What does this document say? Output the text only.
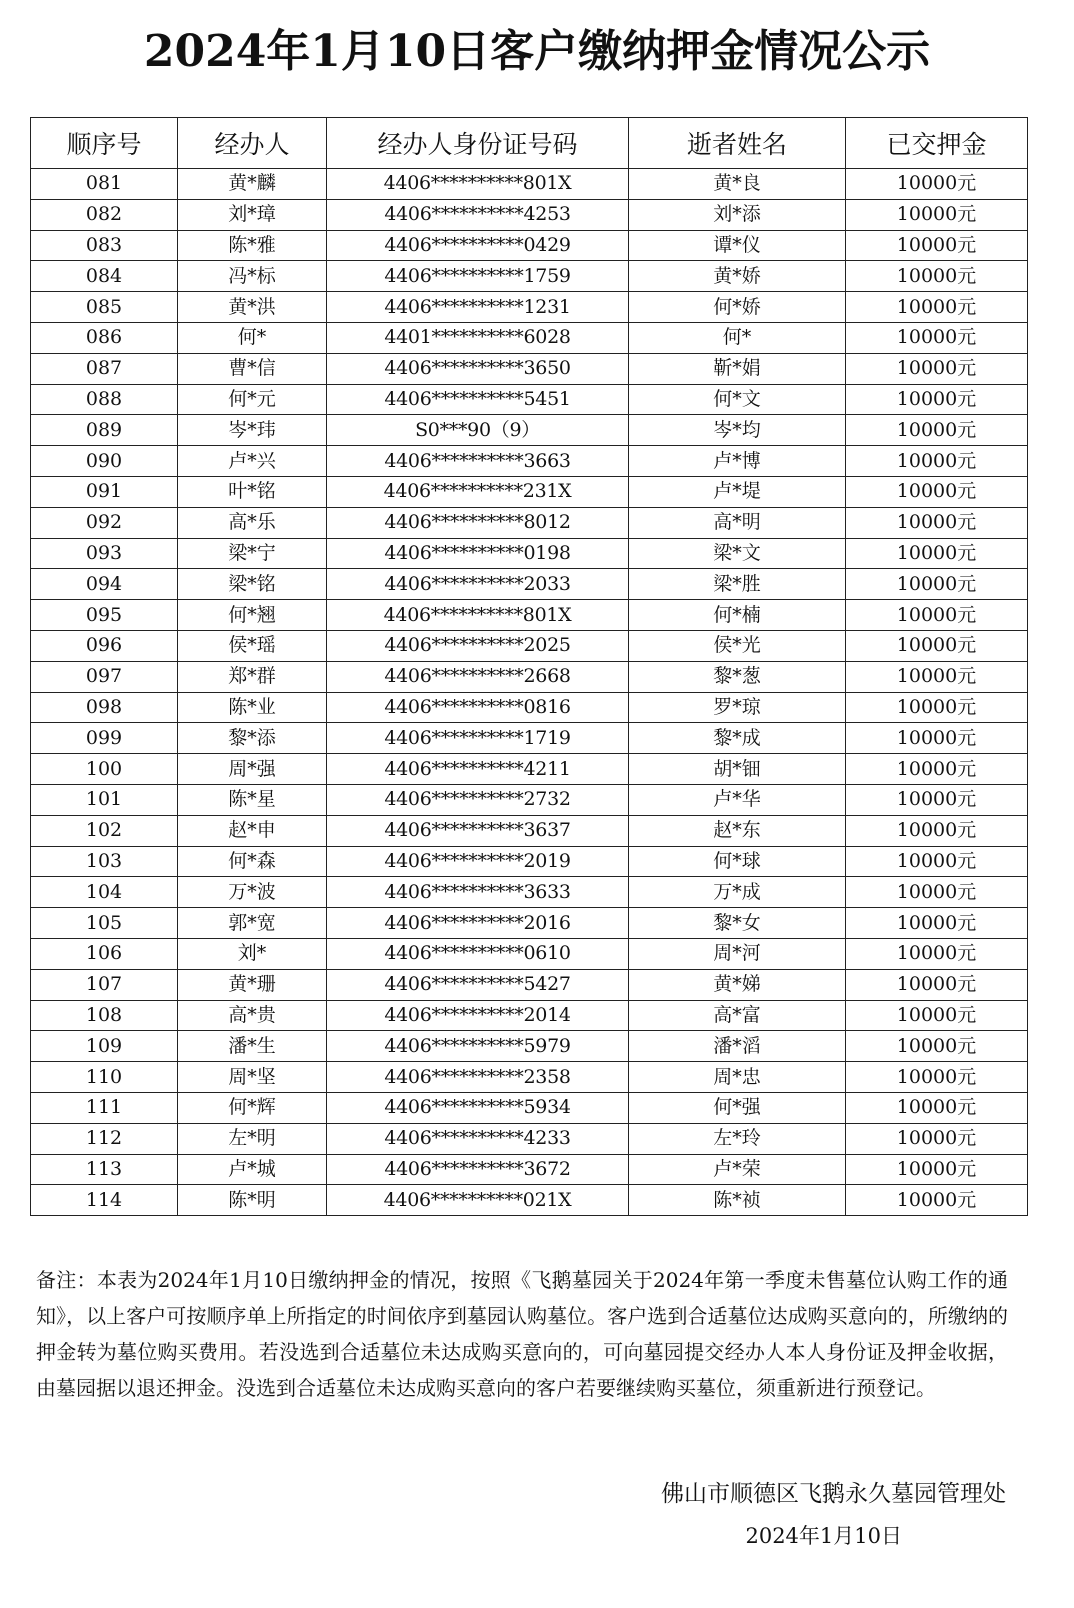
2024年1月10日客户缴纳押金情况公示
顺序号	经办人	经办人身份证号码	逝者姓名	已交押金
081	黄*麟	4406**********801X	黄*良	10000元
082	刘*璋	4406**********4253	刘*添	10000元
083	陈*雅	4406**********0429	谭*仪	10000元
084	冯*标	4406**********1759	黄*娇	10000元
085	黄*洪	4406**********1231	何*娇	10000元
086	何*	4401**********6028	何*	10000元
087	曹*信	4406**********3650	靳*娟	10000元
088	何*元	4406**********5451	何*文	10000元
089	岑*玮	S0***90（9）	岑*均	10000元
090	卢*兴	4406**********3663	卢*博	10000元
091	叶*铭	4406**********231X	卢*堤	10000元
092	高*乐	4406**********8012	高*明	10000元
093	梁*宁	4406**********0198	梁*文	10000元
094	梁*铭	4406**********2033	梁*胜	10000元
095	何*翘	4406**********801X	何*楠	10000元
096	侯*瑶	4406**********2025	侯*光	10000元
097	郑*群	4406**********2668	黎*葱	10000元
098	陈*业	4406**********0816	罗*琼	10000元
099	黎*添	4406**********1719	黎*成	10000元
100	周*强	4406**********4211	胡*钿	10000元
101	陈*星	4406**********2732	卢*华	10000元
102	赵*申	4406**********3637	赵*东	10000元
103	何*森	4406**********2019	何*球	10000元
104	万*波	4406**********3633	万*成	10000元
105	郭*宽	4406**********2016	黎*女	10000元
106	刘*	4406**********0610	周*河	10000元
107	黄*珊	4406**********5427	黄*娣	10000元
108	高*贵	4406**********2014	高*富	10000元
109	潘*生	4406**********5979	潘*滔	10000元
110	周*坚	4406**********2358	周*忠	10000元
111	何*辉	4406**********5934	何*强	10000元
112	左*明	4406**********4233	左*玲	10000元
113	卢*城	4406**********3672	卢*荣	10000元
114	陈*明	4406**********021X	陈*祯	10000元
备注：本表为2024年1月10日缴纳押金的情况，按照《飞鹅墓园关于2024年第一季度未售墓位认购工作的通知》，以上客户可按顺序单上所指定的时间依序到墓园认购墓位。客户选到合适墓位达成购买意向的，所缴纳的押金转为墓位购买费用。若没选到合适墓位未达成购买意向的，可向墓园提交经办人本人身份证及押金收据，由墓园据以退还押金。没选到合适墓位未达成购买意向的客户若要继续购买墓位，须重新进行预登记。
佛山市顺德区飞鹅永久墓园管理处
2024年1月10日
